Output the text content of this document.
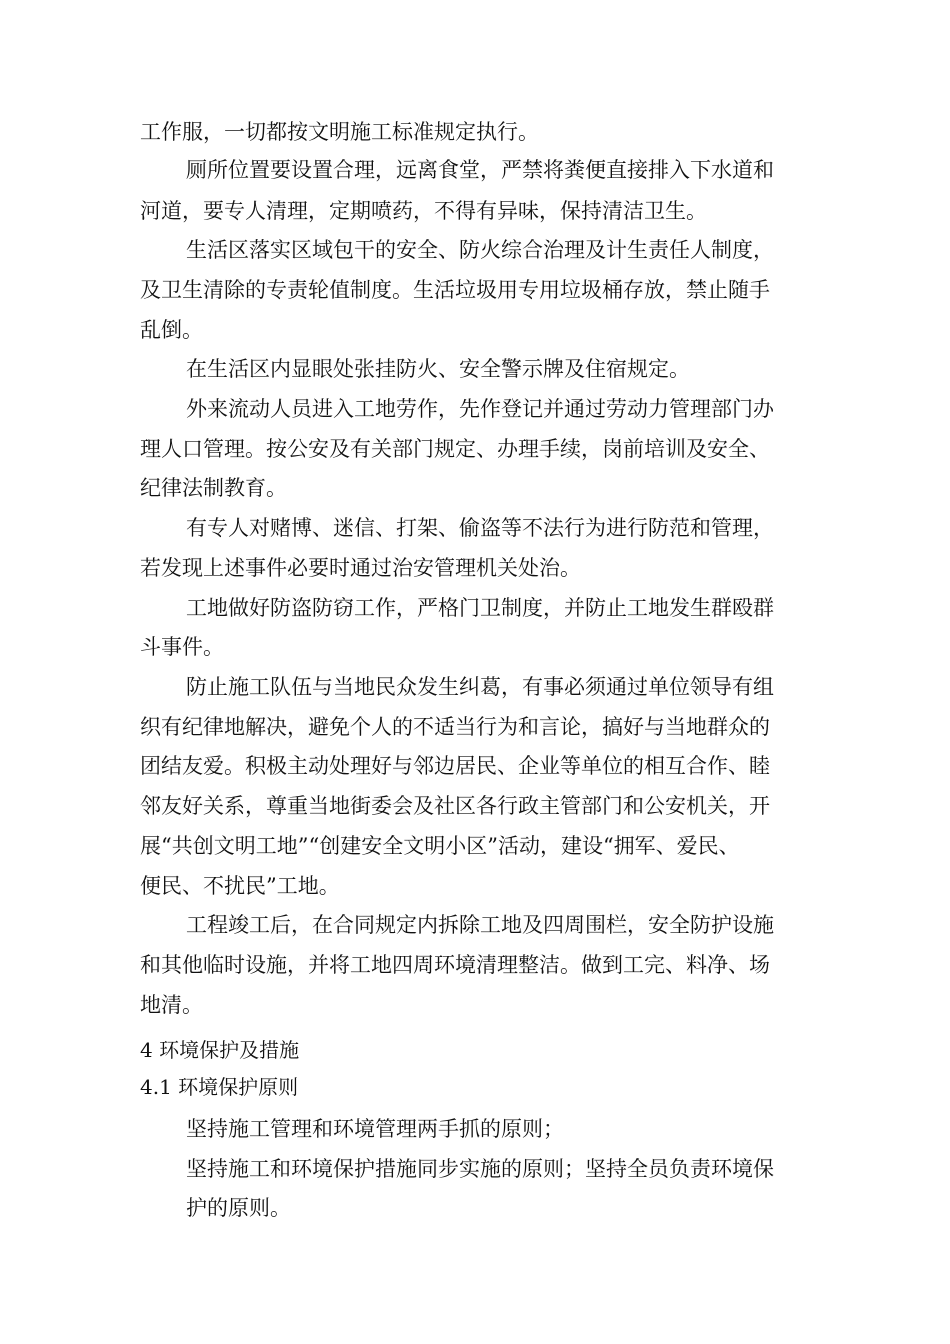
工作服，一切都按文明施工标准规定执行。
厕所位置要设置合理，远离食堂，严禁将粪便直接排入下水道和
河道，要专人清理，定期喷药，不得有异味，保持清洁卫生。
生活区落实区域包干的安全、防火综合治理及计生责任人制度，
及卫生清除的专责轮值制度。生活垃圾用专用垃圾桶存放，禁止随手
乱倒。
在生活区内显眼处张挂防火、安全警示牌及住宿规定。
外来流动人员进入工地劳作，先作登记并通过劳动力管理部门办
理人口管理。按公安及有关部门规定、办理手续，岗前培训及安全、
纪律法制教育。
有专人对赌博、迷信、打架、偷盗等不法行为进行防范和管理，
若发现上述事件必要时通过治安管理机关处治。
工地做好防盗防窃工作，严格门卫制度，并防止工地发生群殴群
斗事件。
防止施工队伍与当地民众发生纠葛，有事必须通过单位领导有组
织有纪律地解决，避免个人的不适当行为和言论，搞好与当地群众的
团结友爱。积极主动处理好与邻边居民、企业等单位的相互合作、睦
邻友好关系，尊重当地街委会及社区各行政主管部门和公安机关，开
展“共创文明工地”“创建安全文明小区”活动，建设“拥军、爱民、
便民、不扰民”工地。
工程竣工后，在合同规定内拆除工地及四周围栏，安全防护设施
和其他临时设施，并将工地四周环境清理整洁。做到工完、料净、场
地清。
4 环境保护及措施
4.1 环境保护原则
坚持施工管理和环境管理两手抓的原则；
坚持施工和环境保护措施同步实施的原则；坚持全员负责环境保
护的原则。
